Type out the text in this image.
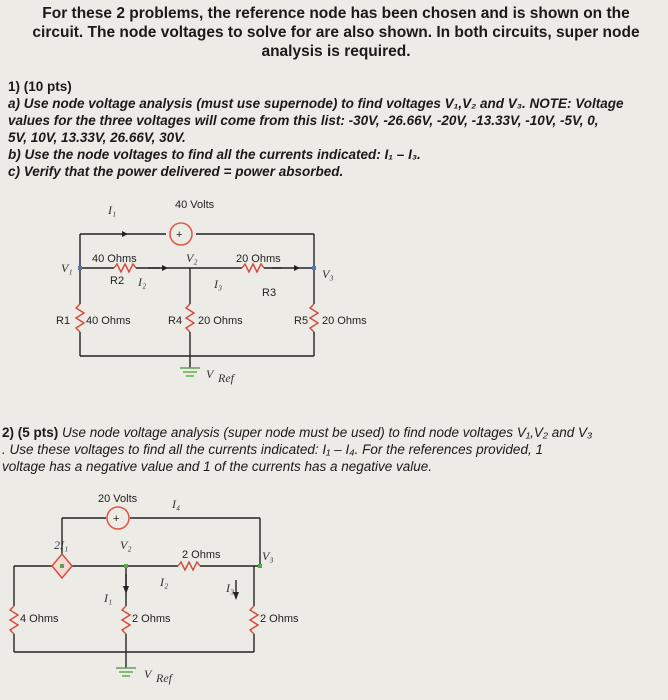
For these 2 problems, the reference node has been chosen and is shown on the
circuit. The node voltages to solve for are also shown. In both circuits, super node
analysis is required.
1) (10 pts)
a) Use node voltage analysis (must use supernode) to find voltages V₁,V₂ and V₃. NOTE: Voltage
values for the three voltages will come from this list: -30V, -26.66V, -20V, -13.33V, -10V, -5V, 0,
5V, 10V, 13.33V, 26.66V, 30V.
b) Use the node voltages to find all the currents indicated: I₁ – I₃.
c) Verify that the power delivered = power absorbed.
2) (5 pts) Use node voltage analysis (super node must be used) to find node voltages V₁,V₂ and V₃
. Use these voltages to find all the currents indicated: I₁ – I₄. For the references provided, 1
voltage has a negative value and 1 of the currents has a negative value.
40 Volts
+
I₁
40 Ohms
R2 I₂
V₁
V₂
I₃
20 Ohms
R3
V₃
R1 40 Ohms	R4 20 Ohms	R5 20 Ohms
V Ref
20 Volts
+
I₄
2I₁	V₂
2 Ohms	V₃
I₁
I₂	I₃
4 Ohms	2 Ohms	2 Ohms
V Ref
